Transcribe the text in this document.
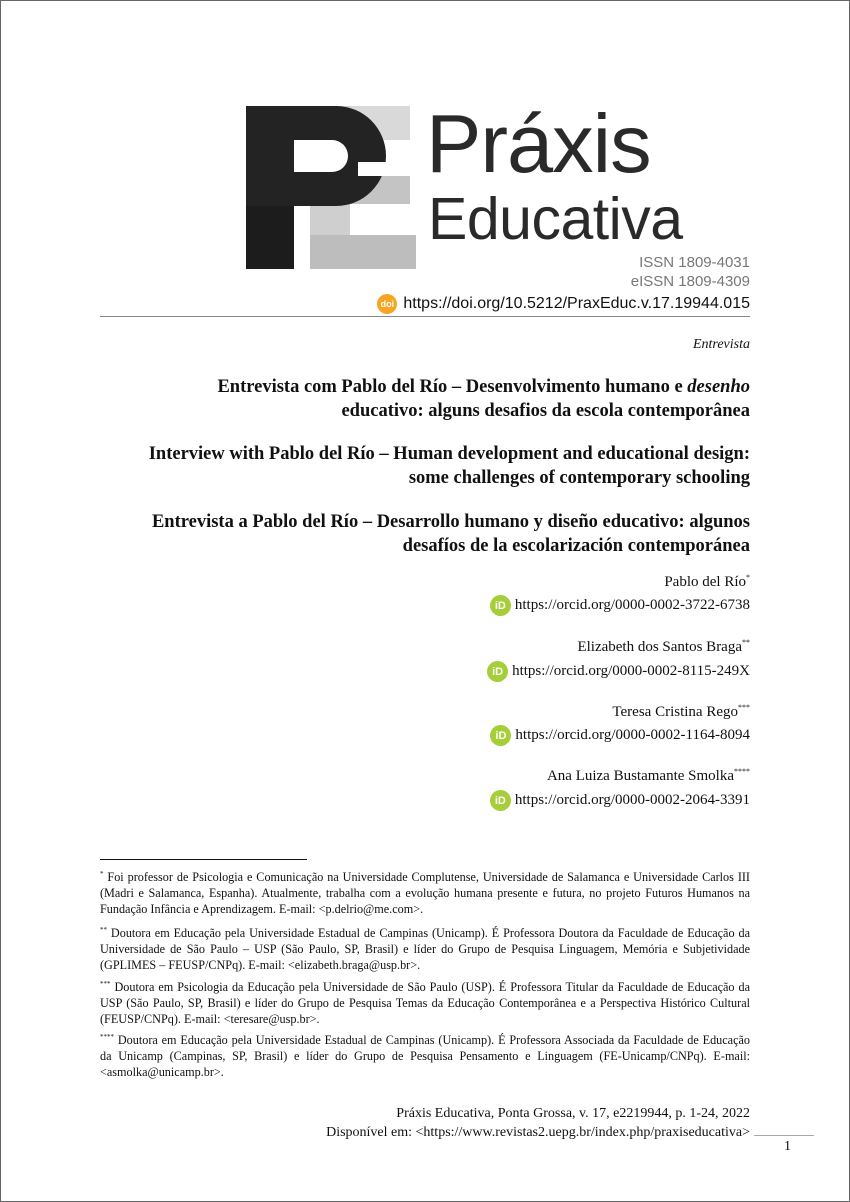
Práxis
Educativa
ISSN 1809-4031
eISSN 1809-4309
doi https://doi.org/10.5212/PraxEduc.v.17.19944.015
Entrevista
Entrevista com Pablo del Río – Desenvolvimento humano e desenho
educativo: alguns desafios da escola contemporânea
Interview with Pablo del Río – Human development and educational design:
some challenges of contemporary schooling
Entrevista a Pablo del Río – Desarrollo humano y diseño educativo: algunos
desafíos de la escolarización contemporánea
Pablo del Río*
iD https://orcid.org/0000-0002-3722-6738
Elizabeth dos Santos Braga**
iD https://orcid.org/0000-0002-8115-249X
Teresa Cristina Rego***
iD https://orcid.org/0000-0002-1164-8094
Ana Luiza Bustamante Smolka****
iD https://orcid.org/0000-0002-2064-3391
* Foi professor de Psicologia e Comunicação na Universidade Complutense, Universidade de Salamanca e Universidade Carlos III (Madri e Salamanca, Espanha). Atualmente, trabalha com a evolução humana presente e futura, no projeto Futuros Humanos na Fundação Infância e Aprendizagem. E-mail: <p.delrio@me.com>.
** Doutora em Educação pela Universidade Estadual de Campinas (Unicamp). É Professora Doutora da Faculdade de Educação da Universidade de São Paulo – USP (São Paulo, SP, Brasil) e líder do Grupo de Pesquisa Linguagem, Memória e Subjetividade (GPLIMES – FEUSP/CNPq). E-mail: <elizabeth.braga@usp.br>.
*** Doutora em Psicologia da Educação pela Universidade de São Paulo (USP). É Professora Titular da Faculdade de Educação da USP (São Paulo, SP, Brasil) e líder do Grupo de Pesquisa Temas da Educação Contemporânea e a Perspectiva Histórico Cultural (FEUSP/CNPq). E-mail: <teresare@usp.br>.
**** Doutora em Educação pela Universidade Estadual de Campinas (Unicamp). É Professora Associada da Faculdade de Educação da Unicamp (Campinas, SP, Brasil) e líder do Grupo de Pesquisa Pensamento e Linguagem (FE-Unicamp/CNPq). E-mail: <asmolka@unicamp.br>.
Práxis Educativa, Ponta Grossa, v. 17, e2219944, p. 1-24, 2022
Disponível em: <https://www.revistas2.uepg.br/index.php/praxiseducativa>
1
